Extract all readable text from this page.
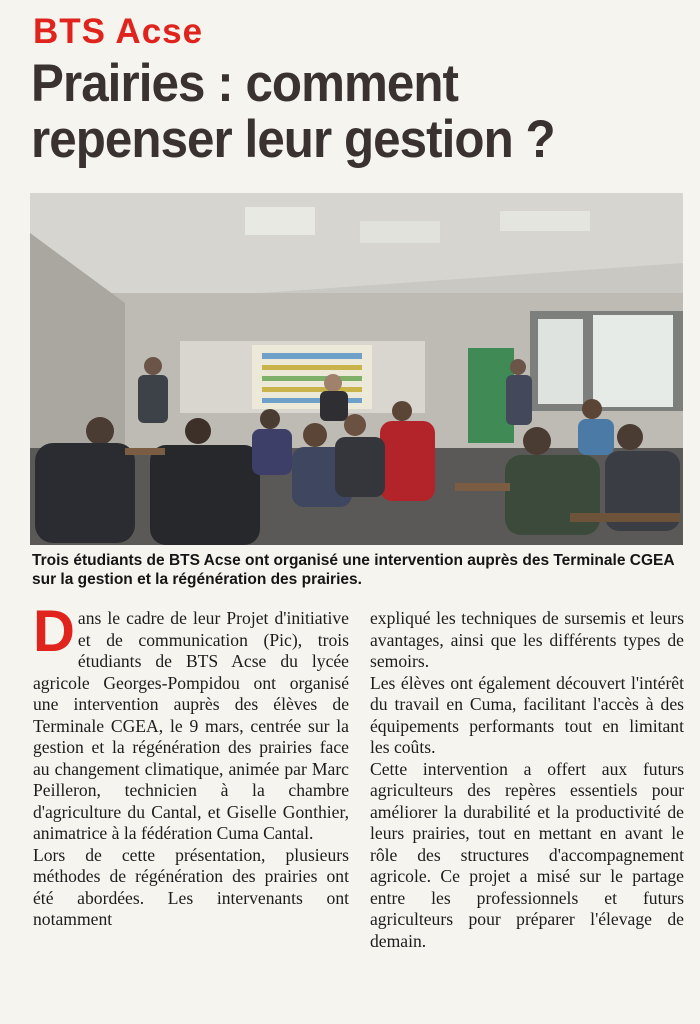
BTS Acse
Prairies : comment repenser leur gestion ?
Trois étudiants de BTS Acse ont organisé une intervention auprès des Terminale CGEA sur la gestion et la régénération des prairies.
D ans le cadre de leur Projet d'initiative et de communication (Pic), trois étudiants de BTS Acse du lycée agricole Georges-Pompidou ont organisé une intervention auprès des élèves de Terminale CGEA, le 9 mars, centrée sur la gestion et la régénération des prairies face au changement climatique, animée par Marc Peilleron, technicien à la chambre d'agriculture du Cantal, et Giselle Gonthier, animatrice à la fédération Cuma Cantal.

Lors de cette présentation, plusieurs méthodes de régénération des prairies ont été abordées. Les intervenants ont notamment

expliqué les techniques de sursemis et leurs avantages, ainsi que les différents types de semoirs.

Les élèves ont également découvert l'intérêt du travail en Cuma, facilitant l'accès à des équipements performants tout en limitant les coûts.

Cette intervention a offert aux futurs agriculteurs des repères essentiels pour améliorer la durabilité et la productivité de leurs prairies, tout en mettant en avant le rôle des structures d'accompagnement agricole. Ce projet a misé sur le partage entre les professionnels et futurs agriculteurs pour préparer l'élevage de demain.
